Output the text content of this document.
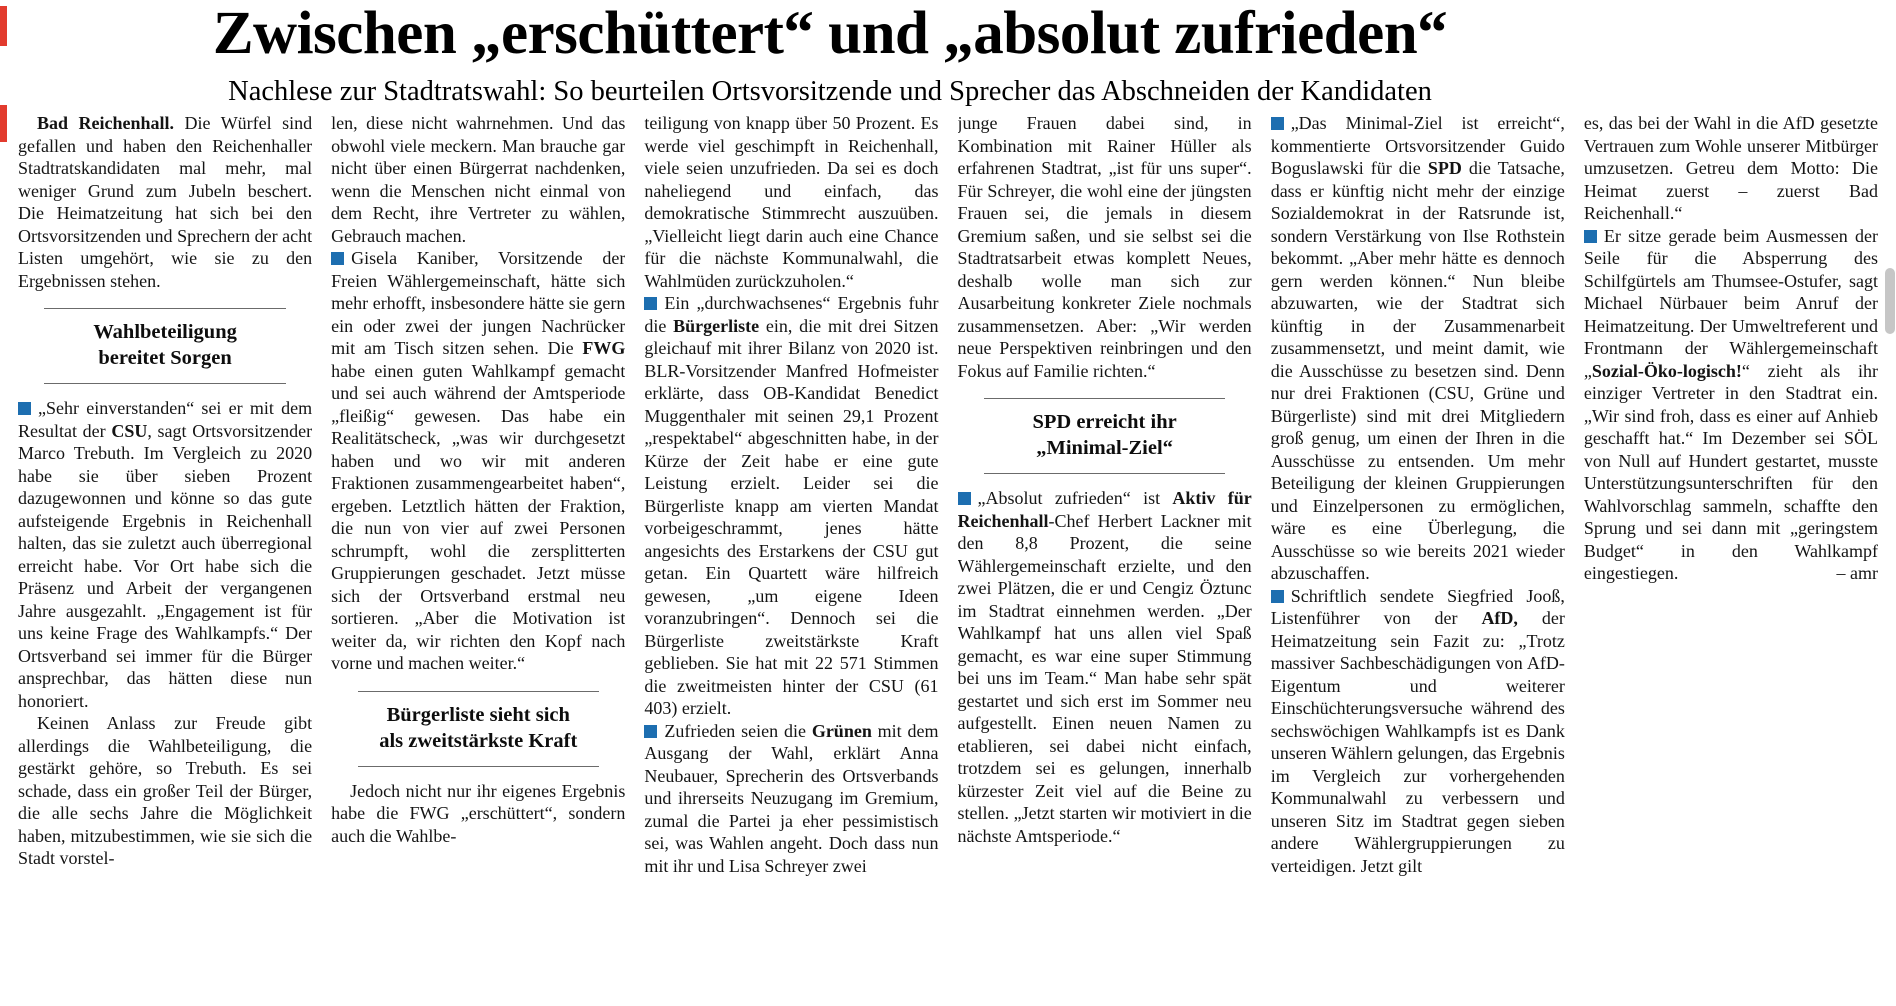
Zwischen „erschüttert“ und „absolut zufrieden“
Nachlese zur Stadtratswahl: So beurteilen Ortsvorsitzende und Sprecher das Abschneiden der Kandidaten

Bad Reichenhall. Die Würfel sind gefallen und haben den Reichenhaller Stadtratskandidaten mal mehr, mal weniger Grund zum Jubeln beschert. Die Heimatzeitung hat sich bei den Ortsvorsitzenden und Sprechern der acht Listen umgehört, wie sie zu den Ergebnissen stehen.

Wahlbeteiligung
bereitet Sorgen

„Sehr einverstanden“ sei er mit dem Resultat der CSU, sagt Ortsvorsitzender Marco Trebuth. Im Vergleich zu 2020 habe sie über sieben Prozent dazugewonnen und könne so das gute aufsteigende Ergebnis in Reichenhall halten, das sie zuletzt auch überregional erreicht habe. Vor Ort habe sich die Präsenz und Arbeit der vergangenen Jahre ausgezahlt. „Engagement ist für uns keine Frage des Wahlkampfs.“ Der Ortsverband sei immer für die Bürger ansprechbar, das hätten diese nun honoriert.

Keinen Anlass zur Freude gibt allerdings die Wahlbeteiligung, die gestärkt gehöre, so Trebuth. Es sei schade, dass ein großer Teil der Bürger, die alle sechs Jahre die Möglichkeit haben, mitzubestimmen, wie sie sich die Stadt vorstel-

len, diese nicht wahrnehmen. Und das obwohl viele meckern. Man brauche gar nicht über einen Bürgerrat nachdenken, wenn die Menschen nicht einmal von dem Recht, ihre Vertreter zu wählen, Gebrauch machen.

Gisela Kaniber, Vorsitzende der Freien Wählergemeinschaft, hätte sich mehr erhofft, insbesondere hätte sie gern ein oder zwei der jungen Nachrücker mit am Tisch sitzen sehen. Die FWG habe einen guten Wahlkampf gemacht und sei auch während der Amtsperiode „fleißig“ gewesen. Das habe ein Realitätscheck, „was wir durchgesetzt haben und wo wir mit anderen Fraktionen zusammengearbeitet haben“, ergeben. Letztlich hätten der Fraktion, die nun von vier auf zwei Personen schrumpft, wohl die zersplitterten Gruppierungen geschadet. Jetzt müsse sich der Ortsverband erstmal neu sortieren. „Aber die Motivation ist weiter da, wir richten den Kopf nach vorne und machen weiter.“

Bürgerliste sieht sich
als zweitstärkste Kraft

Jedoch nicht nur ihr eigenes Ergebnis habe die FWG „erschüttert“, sondern auch die Wahlbe-

teiligung von knapp über 50 Prozent. Es werde viel geschimpft in Reichenhall, viele seien unzufrieden. Da sei es doch naheliegend und einfach, das demokratische Stimmrecht auszuüben. „Vielleicht liegt darin auch eine Chance für die nächste Kommunalwahl, die Wahlmüden zurückzuholen.“

Ein „durchwachsenes“ Ergebnis fuhr die Bürgerliste ein, die mit drei Sitzen gleichauf mit ihrer Bilanz von 2020 ist. BLR-Vorsitzender Manfred Hofmeister erklärte, dass OB-Kandidat Benedict Muggenthaler mit seinen 29,1 Prozent „respektabel“ abgeschnitten habe, in der Kürze der Zeit habe er eine gute Leistung erzielt. Leider sei die Bürgerliste knapp am vierten Mandat vorbeigeschrammt, jenes hätte angesichts des Erstarkens der CSU gut getan. Ein Quartett wäre hilfreich gewesen, „um eigene Ideen voranzubringen“. Dennoch sei die Bürgerliste zweitstärkste Kraft geblieben. Sie hat mit 22 571 Stimmen die zweitmeisten hinter der CSU (61 403) erzielt.

Zufrieden seien die Grünen mit dem Ausgang der Wahl, erklärt Anna Neubauer, Sprecherin des Ortsverbands und ihrerseits Neuzugang im Gremium, zumal die Partei ja eher pessimistisch sei, was Wahlen angeht. Doch dass nun mit ihr und Lisa Schreyer zwei

junge Frauen dabei sind, in Kombination mit Rainer Hüller als erfahrenen Stadtrat, „ist für uns super“. Für Schreyer, die wohl eine der jüngsten Frauen sei, die jemals in diesem Gremium saßen, und sie selbst sei die Stadtratsarbeit etwas komplett Neues, deshalb wolle man sich zur Ausarbeitung konkreter Ziele nochmals zusammensetzen. Aber: „Wir werden neue Perspektiven reinbringen und den Fokus auf Familie richten.“

SPD erreicht ihr
„Minimal-Ziel“

„Absolut zufrieden“ ist Aktiv für Reichenhall-Chef Herbert Lackner mit den 8,8 Prozent, die seine Wählergemeinschaft erzielte, und den zwei Plätzen, die er und Cengiz Öztunc im Stadtrat einnehmen werden. „Der Wahlkampf hat uns allen viel Spaß gemacht, es war eine super Stimmung bei uns im Team.“ Man habe sehr spät gestartet und sich erst im Sommer neu aufgestellt. Einen neuen Namen zu etablieren, sei dabei nicht einfach, trotzdem sei es gelungen, innerhalb kürzester Zeit viel auf die Beine zu stellen. „Jetzt starten wir motiviert in die nächste Amtsperiode.“

„Das Minimal-Ziel ist erreicht“, kommentierte Ortsvorsitzender Guido Boguslawski für die SPD die Tatsache, dass er künftig nicht mehr der einzige Sozialdemokrat in der Ratsrunde ist, sondern Verstärkung von Ilse Rothstein bekommt. „Aber mehr hätte es dennoch gern werden können.“ Nun bleibe abzuwarten, wie der Stadtrat sich künftig in der Zusammenarbeit zusammensetzt, und meint damit, wie die Ausschüsse zu besetzen sind. Denn nur drei Fraktionen (CSU, Grüne und Bürgerliste) sind mit drei Mitgliedern groß genug, um einen der Ihren in die Ausschüsse zu entsenden. Um mehr Beteiligung der kleinen Gruppierungen und Einzelpersonen zu ermöglichen, wäre es eine Überlegung, die Ausschüsse so wie bereits 2021 wieder abzuschaffen.

Schriftlich sendete Siegfried Jooß, Listenführer von der AfD, der Heimatzeitung sein Fazit zu: „Trotz massiver Sachbeschädigungen von AfD-Eigentum und weiterer Einschüchterungsversuche während des sechswöchigen Wahlkampfs ist es Dank unseren Wählern gelungen, das Ergebnis im Vergleich zur vorhergehenden Kommunalwahl zu verbessern und unseren Sitz im Stadtrat gegen sieben andere Wählergruppierungen zu verteidigen. Jetzt gilt

es, das bei der Wahl in die AfD gesetzte Vertrauen zum Wohle unserer Mitbürger umzusetzen. Getreu dem Motto: Die Heimat zuerst – zuerst Bad Reichenhall.“

Er sitze gerade beim Ausmessen der Seile für die Absperrung des Schilfgürtels am Thumsee-Ostufer, sagt Michael Nürbauer beim Anruf der Heimatzeitung. Der Umweltreferent und Frontmann der Wählergemeinschaft „Sozial-Öko-logisch!“ zieht als ihr einziger Vertreter in den Stadtrat ein. „Wir sind froh, dass es einer auf Anhieb geschafft hat.“ Im Dezember sei SÖL von Null auf Hundert gestartet, musste Unterstützungsunterschriften für den Wahlvorschlag sammeln, schaffte den Sprung und sei dann mit „geringstem Budget“ in den Wahlkampf eingestiegen.	– amr
